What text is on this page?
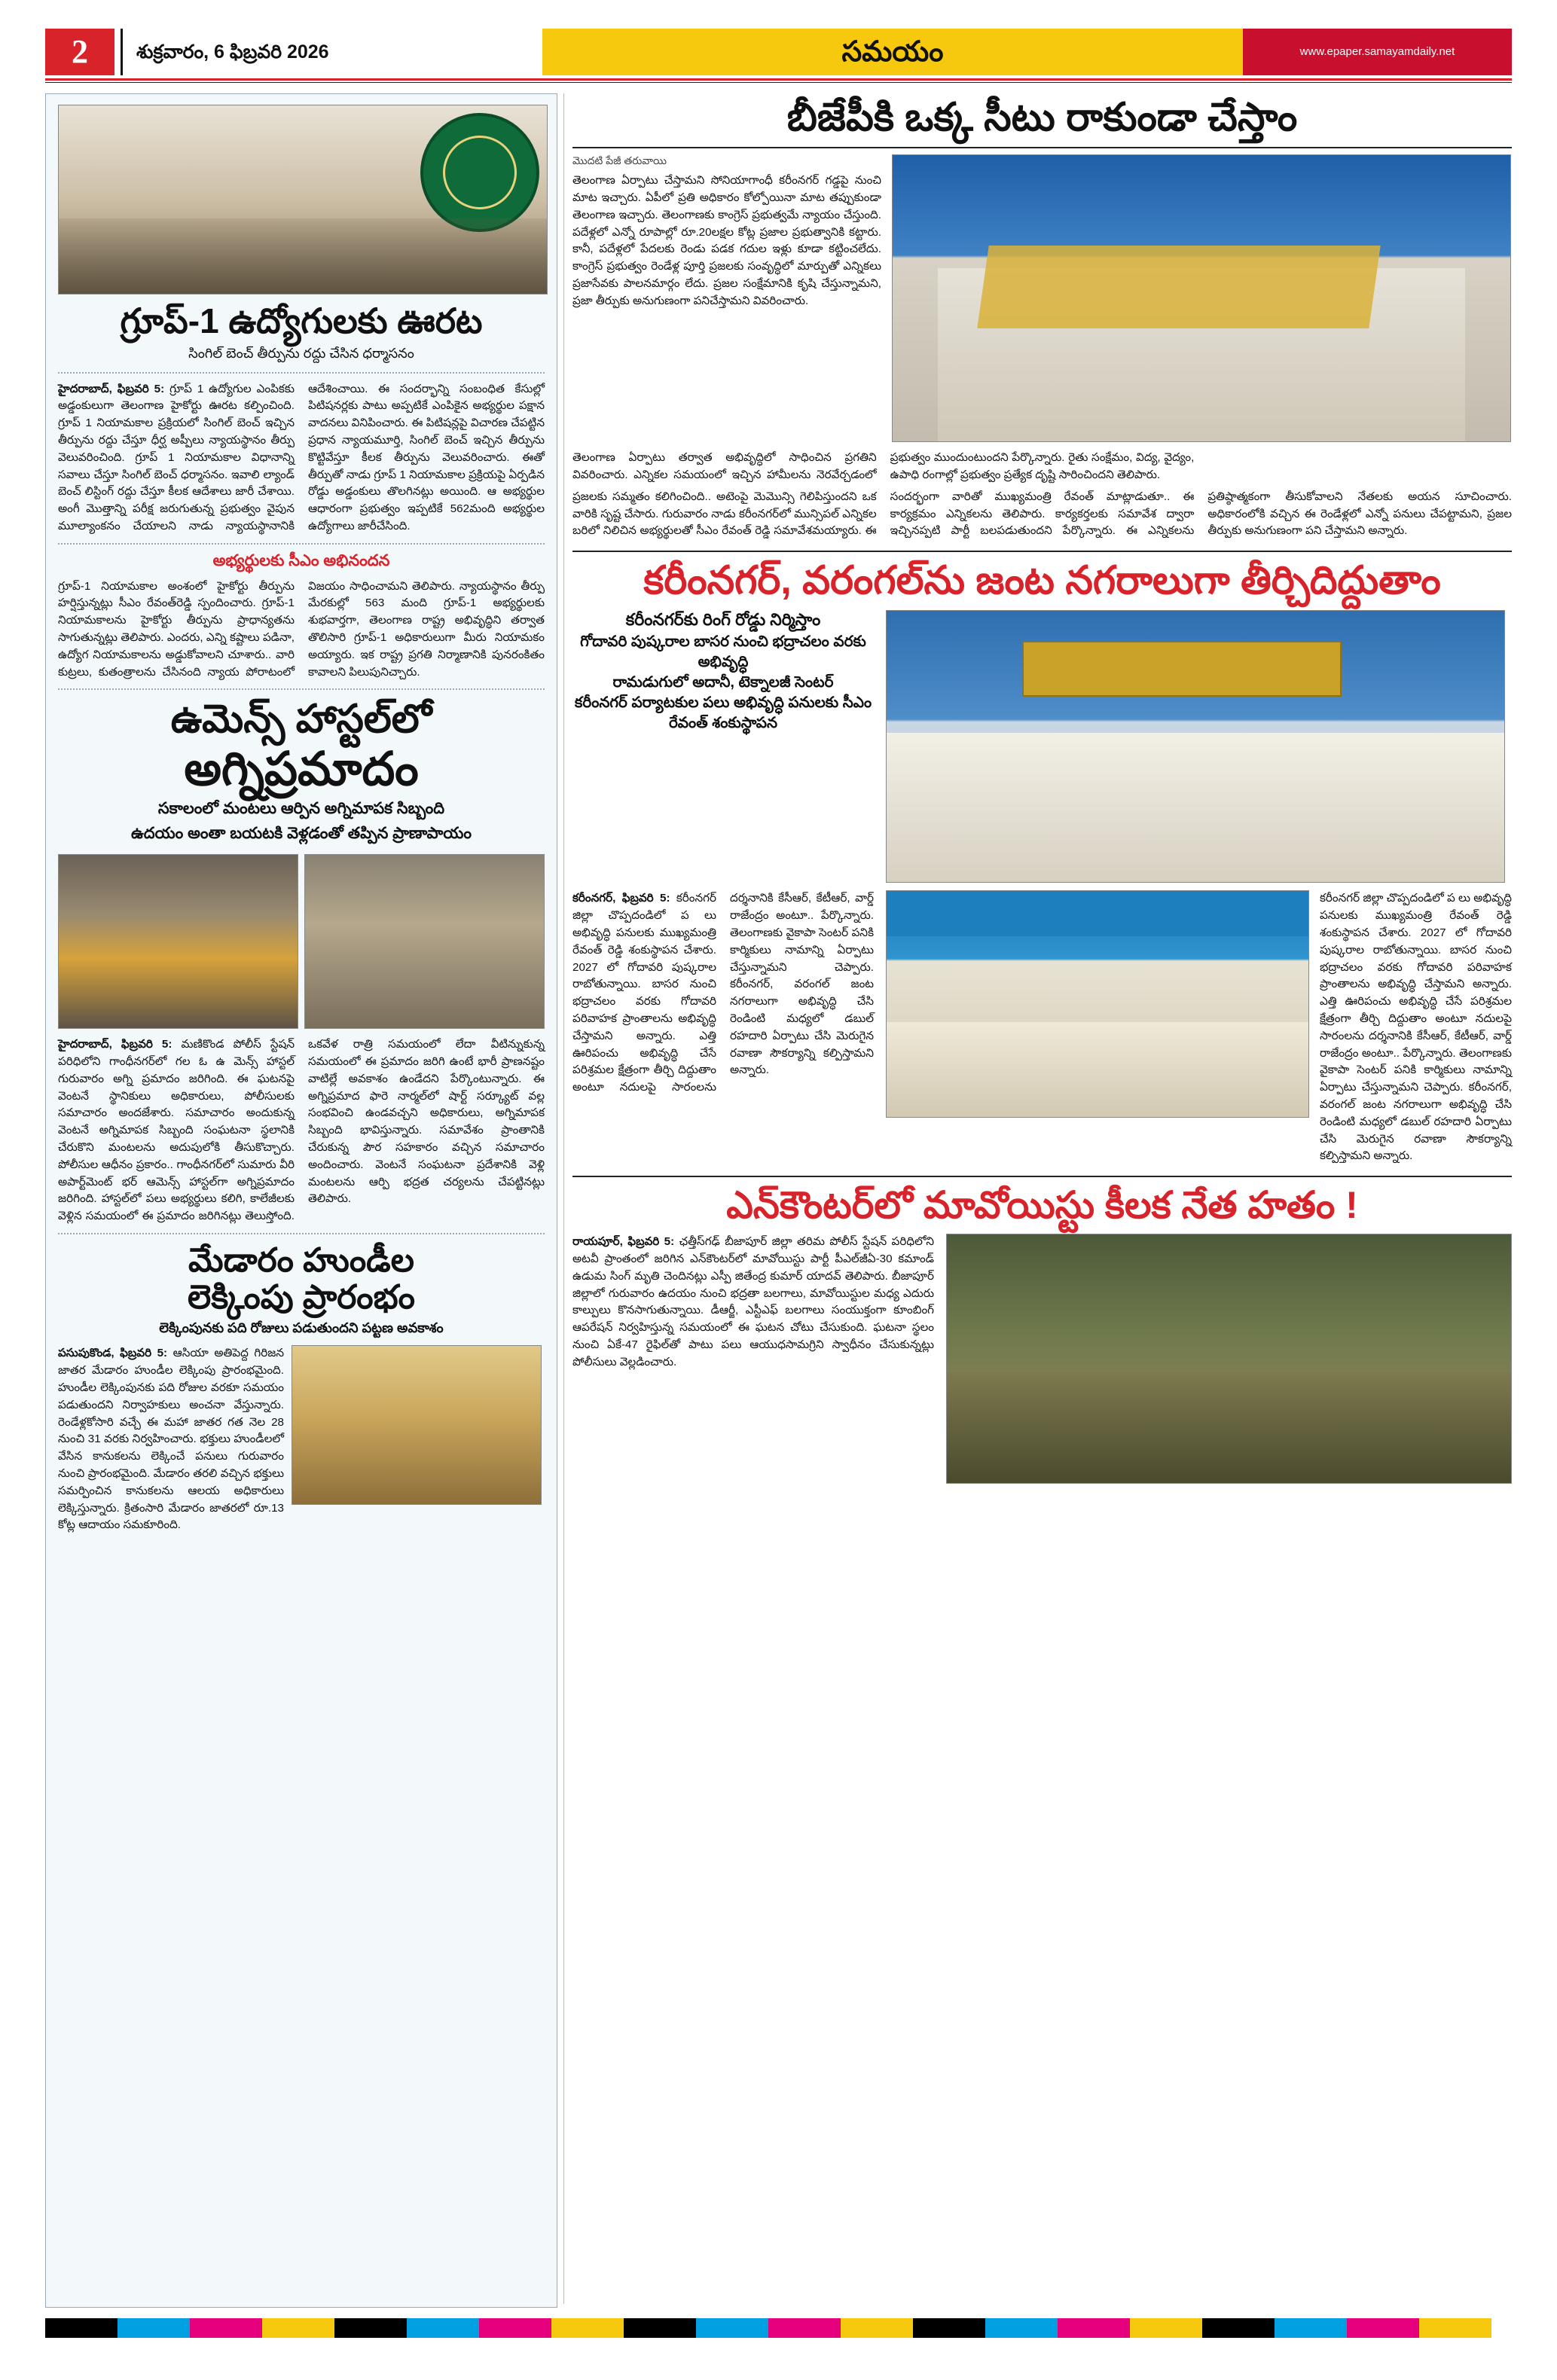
2	శుక్రవారం, 6 ఫిబ్రవరి 2026	సమయం	www.epaper.samayamdaily.net
గ్రూప్-1 ఉద్యోగులకు ఊరట
సింగిల్ బెంచ్ తీర్పును రద్దు చేసిన ధర్మాసనం
హైదరాబాద్, ఫిబ్రవరి 5: గ్రూప్ 1 ఉద్యోగుల ఎంపికకు అడ్డంకులుగా తెలంగాణ హైకోర్టు ఊరట కల్పించింది. గ్రూప్ 1 నియామకాల ప్రక్రియలో సింగిల్ బెంచ్ ఇచ్చిన తీర్పును రద్దు చేస్తూ ధీర్ఘ అప్పీలు న్యాయస్థానం తీర్పు వెలువరించింది. గ్రూప్ 1 నియామకాల విధానాన్ని సవాలు చేస్తూ సింగిల్ బెంచ్ ధర్మాసనం. ఇవాలి ల్యాండ్ బెంచ్ లిస్టింగ్ రద్దు చేస్తూ కీలక ఆదేశాలు జారీ చేశాయి. అంగీ మొత్తాన్ని పరీక్ష జరుగుతున్న ప్రభుత్వం వైపున మూల్యాంకనం చేయాలని నాడు న్యాయస్థానానికి ఆదేశించాయి. ఈ సందర్భాన్ని సంబంధిత కేసుల్లో పిటిషనర్లకు పాటు అప్పటికే ఎంపికైన అభ్యర్థుల పక్షాన వాదనలు వినిపించారు. ఈ పిటిషన్లపై విచారణ చేపట్టిన ప్రధాన న్యాయమూర్తి, సింగిల్ బెంచ్ ఇచ్చిన తీర్పును కొట్టివేస్తూ కీలక తీర్పును వెలువరించారు. ఈతో తీర్పుతో నాడు గ్రూప్ 1 నియామకాల ప్రక్రియపై ఏర్పడిన రోడ్డు అడ్డంకులు తొలగినట్లు అయింది. ఆ అభ్యర్థుల ఆధారంగా ప్రభుత్వం ఇప్పటికే 562మంది అభ్యర్థుల ఉద్యోగాలు జారీచేసింది.
అభ్యర్థులకు సీఎం అభినందన
గ్రూప్-1 నియామకాల అంశంలో హైకోర్టు తీర్పును హర్షిస్తున్నట్లు సీఎం రేవంత్‌రెడ్డి స్పందించారు. గ్రూప్-1 నియామకాలను హైకోర్టు తీర్పును ప్రాధాన్యతను సాగుతున్నట్లు తెలిపారు. ఎందరు, ఎన్ని కష్టాలు పడినా, ఉద్యోగ నియామకాలను అడ్డుకోవాలని చూశారు.. వారి కుట్రలు, కుతంత్రాలను చేసినంది న్యాయ పోరాటంలో విజయం సాధించామని తెలిపారు. న్యాయస్థానం తీర్పు మేరకుల్లో 563 మంది గ్రూప్-1 అభ్యర్థులకు శుభవార్తగా, తెలంగాణ రాష్ట్ర అభివృద్ధిని తర్వాత తొలిసారి గ్రూప్-1 అధికారులుగా మీరు నియామకం అయ్యారు. ఇక రాష్ట్ర ప్రగతి నిర్మాణానికి పునరంకితం కావాలని పిలుపునిచ్చారు.
ఉమెన్స్ హాస్టల్‌లో
అగ్నిప్రమాదం
సకాలంలో మంటలు ఆర్పిన అగ్నిమాపక సిబ్బంది
ఉదయం అంతా బయటకి వెళ్లడంతో తప్పిన ప్రాణాపాయం
హైదరాబాద్, ఫిబ్రవరి 5: మణికొండ పోలీస్ స్టేషన్ పరిధిలోని గాంధీనగర్‌లో గల ఓ ఉ మెన్స్ హాస్టల్ గురువారం అగ్ని ప్రమాదం జరిగింది. ఈ ఘటనపై వెంటనే స్థానికులు అధికారులు, పోలీసులకు సమాచారం అందజేశారు. సమాచారం అందుకున్న వెంటనే అగ్నిమాపక సిబ్బంది సంఘటనా స్థలానికి చేరుకొని మంటలను అదుపులోకి తీసుకొచ్చారు. పోలీసుల ఆధీనం ప్రకారం.. గాంధీనగర్‌లో సుమారు వీరి అపార్ట్‌మెంట్ భర్ ఆమెన్స్ హాస్టల్‌గా అగ్నిప్రమాదం జరిగింది. హాస్టల్‌లో పలు అభ్యర్థులు కలిగి, కాలేజీలకు వెళ్లిన సమయంలో ఈ ప్రమాదం జరిగినట్లు తెలుస్తోంది. ఒకవేళ రాత్రి సమయంలో లేదా వీటిన్నుకున్న సమయంలో ఈ ప్రమాదం జరిగి ఉంటే భారీ ప్రాణనష్టం వాటిల్లే అవకాశం ఉండేదని పేర్కొంటున్నారు. ఈ అగ్నిప్రమాద ఫారె నార్మల్‌లో షార్ట్ సర్క్యూట్ వల్ల సంభవించి ఉండవచ్చని అధికారులు, అగ్నిమాపక సిబ్బంది భావిస్తున్నారు. సమావేశం ప్రాంతానికి చేరుకున్న పౌర సహకారం వచ్చిన సమాచారం అందించారు. వెంటనే సంఘటనా ప్రదేశానికి వెళ్లి మంటలను ఆర్పి భద్రత చర్యలను చేపట్టినట్లు తెలిపారు.
మేడారం హుండీల
లెక్కింపు ప్రారంభం
లెక్కింపునకు పది రోజులు పడుతుందని పట్టణ అవకాశం
పసుపుకొండ, ఫిబ్రవరి 5: ఆసియా అతిపెద్ద గిరిజన జాతర మేడారం హుండీల లెక్కింపు ప్రారంభమైంది. హుండీల లెక్కింపునకు పది రోజుల వరకూ సమయం పడుతుందని నిర్వాహకులు అంచనా వేస్తున్నారు. రెండేళ్లకోసారి వచ్చే ఈ మహా జాతర గత నెల 28 నుంచి 31 వరకు నిర్వహించారు. భక్తులు హుండీలలో వేసిన కానుకలను లెక్కించే పనులు గురువారం నుంచి ప్రారంభమైంది. మేడారం తరలి వచ్చిన భక్తులు సమర్పించిన కానుకలను ఆలయ అధికారులు లెక్కిస్తున్నారు. క్రితంసారి మేడారం జాతరలో రూ.13 కోట్ల ఆదాయం సమకూరింది.
బీజేపీకి ఒక్క సీటు రాకుండా చేస్తాం
మొదటి పేజీ తరువాయి
తెలంగాణ ఏర్పాటు చేస్తామని సోనియాగాంధీ కరీంనగర్ గడ్డపై నుంచి మాట ఇచ్చారు. ఏపీలో ప్రతి అధికారం కోల్పోయినా మాట తప్పుకుండా తెలంగాణ ఇచ్చారు. తెలంగాణకు కాంగ్రెస్ ప్రభుత్వమే న్యాయం చేస్తుంది. పదేళ్లలో ఎన్నో రూపాల్లో రూ.20లక్షల కోట్ల ప్రజాల ప్రభుత్వానికి కట్టారు. కానీ, పదేళ్లలో పేదలకు రెండు పడక గదుల ఇళ్లు కూడా కట్టించలేదు. కాంగ్రెస్ ప్రభుత్వం రెండేళ్ల పూర్తి ప్రజలకు సంవృద్ధిలో మార్పుతో ఎన్నికలు ప్రజాసేవకు పాలనమార్గం లేదు. ప్రజల సంక్షేమానికి కృషి చేస్తున్నామని, ప్రజా తీర్పుకు అనుగుణంగా పనిచేస్తామని వివరించారు.
తెలంగాణ ఏర్పాటు తర్వాత అభివృద్ధిలో సాధించిన ప్రగతిని వివరించారు. ఎన్నికల సమయంలో ఇచ్చిన హామీలను నెరవేర్చడంలో ప్రభుత్వం ముందుంటుందని పేర్కొన్నారు. రైతు సంక్షేమం, విద్య, వైద్యం, ఉపాధి రంగాల్లో ప్రభుత్వం ప్రత్యేక దృష్టి సారించిందని తెలిపారు.
ప్రజలకు సమ్మతం కలిగించింది.. అటెంపై మెమొన్సి గెలిపిస్తుందని ఒక వారికి సృష్ట చేసారు. గురువారం నాడు కరీంనగర్‌లో మున్సిపల్ ఎన్నికల బరిలో నిలిచిన అభ్యర్థులతో సీఎం రేవంత్ రెడ్డి సమావేశమయ్యారు. ఈ సందర్భంగా వారితో ముఖ్యమంత్రి రేవంత్ మాట్లాడుతూ.. ఈ కార్యక్రమం ఎన్నికలను తెలిపారు. కార్యకర్తలకు సమావేశ ద్వారా ఇచ్చినప్పటి పార్టీ బలపడుతుందని పేర్కొన్నారు. ఈ ఎన్నికలను ప్రతిష్ఠాత్మకంగా తీసుకోవాలని నేతలకు అయన సూచించారు. అధికారంలోకి వచ్చిన ఈ రెండేళ్లలో ఎన్నో పనులు చేపట్టామని, ప్రజల తీర్పుకు అనుగుణంగా పని చేస్తామని అన్నారు.
కరీంనగర్, వరంగల్‌ను జంట నగరాలుగా తీర్చిదిద్దుతాం
కరీంనగర్‌కు రింగ్ రోడ్డు నిర్మిస్తాం
గోదావరి పుష్కరాల బాసర నుంచి భద్రాచలం వరకు అభివృద్ధి
రామడుగులో అదానీ, టెక్నాలజీ సెంటర్
కరీంనగర్ పర్యాటకుల పలు అభివృద్ధి పనులకు సీఎం రేవంత్ శంకుస్థాపన
కరీంనగర్, ఫిబ్రవరి 5: కరీంనగర్ జిల్లా చొప్పదండిలో ప లు అభివృద్ధి పనులకు ముఖ్యమంత్రి రేవంత్ రెడ్డి శంకుస్థాపన చేశారు. 2027 లో గోదావరి పుష్కరాల రాబోతున్నాయి. బాసర నుంచి భద్రాచలం వరకు గోదావరి పరివాహక ప్రాంతాలను అభివృద్ధి చేస్తామని అన్నారు. ఎత్తి ఊరిపంచు అభివృద్ధి చేసే పరిశ్రమల క్షేత్రంగా తీర్చి దిద్దుతాం అంటూ నదులపై సారంలను దర్శనానికి కేసీఆర్, కేటీఆర్, వార్డ్ రాజేంద్రం అంటూ.. పేర్కొన్నారు. తెలంగాణకు వైకాపా సెంటర్ పనికి కార్మికులు నామాన్ని ఏర్పాటు చేస్తున్నామని చెప్పారు. కరీంనగర్, వరంగల్ జంట నగరాలుగా అభివృద్ధి చేసి రెండింటి మధ్యలో డబుల్ రహదారి ఏర్పాటు చేసి మెరుగైన రవాణా సౌకర్యాన్ని కల్పిస్తామని అన్నారు.
కరీంనగర్ జిల్లా చొప్పదండిలో ప లు అభివృద్ధి పనులకు ముఖ్యమంత్రి రేవంత్ రెడ్డి శంకుస్థాపన చేశారు. 2027 లో గోదావరి పుష్కరాల రాబోతున్నాయి. బాసర నుంచి భద్రాచలం వరకు గోదావరి పరివాహక ప్రాంతాలను అభివృద్ధి చేస్తామని అన్నారు. ఎత్తి ఊరిపంచు అభివృద్ధి చేసే పరిశ్రమల క్షేత్రంగా తీర్చి దిద్దుతాం అంటూ నదులపై సారంలను దర్శనానికి కేసీఆర్, కేటీఆర్, వార్డ్ రాజేంద్రం అంటూ.. పేర్కొన్నారు. తెలంగాణకు వైకాపా సెంటర్ పనికి కార్మికులు నామాన్ని ఏర్పాటు చేస్తున్నామని చెప్పారు. కరీంనగర్, వరంగల్ జంట నగరాలుగా అభివృద్ధి చేసి రెండింటి మధ్యలో డబుల్ రహదారి ఏర్పాటు చేసి మెరుగైన రవాణా సౌకర్యాన్ని కల్పిస్తామని అన్నారు.
ఎన్‌కౌంటర్‌లో మావోయిస్టు కీలక నేత హతం !
రాయపూర్, ఫిబ్రవరి 5: ఛత్తీస్‌గఢ్ బీజాపూర్ జిల్లా తరిమ పోలీస్ స్టేషన్ పరిధిలోని అటవీ ప్రాంతంలో జరిగిన ఎన్‌కౌంటర్‌లో మావోయిస్టు పార్టీ పీఎల్‌జీఏ-30 కమాండ్ ఉడుమ సింగ్ మృతి చెందినట్లు ఎస్పీ జితేంద్ర కుమార్ యాదవ్ తెలిపారు. బీజాపూర్ జిల్లాలో గురువారం ఉదయం నుంచి భద్రతా బలగాలు, మావోయిస్టుల మధ్య ఎదురు కాల్పులు కొనసాగుతున్నాయి. డీఆర్జీ, ఎస్టీఎఫ్ బలగాలు సంయుక్తంగా కూంబింగ్ ఆపరేషన్ నిర్వహిస్తున్న సమయంలో ఈ ఘటన చోటు చేసుకుంది. ఘటనా స్థలం నుంచి ఏకే-47 రైఫిల్‌తో పాటు పలు ఆయుధసామగ్రిని స్వాధీనం చేసుకున్నట్లు పోలీసులు వెల్లడించారు.
